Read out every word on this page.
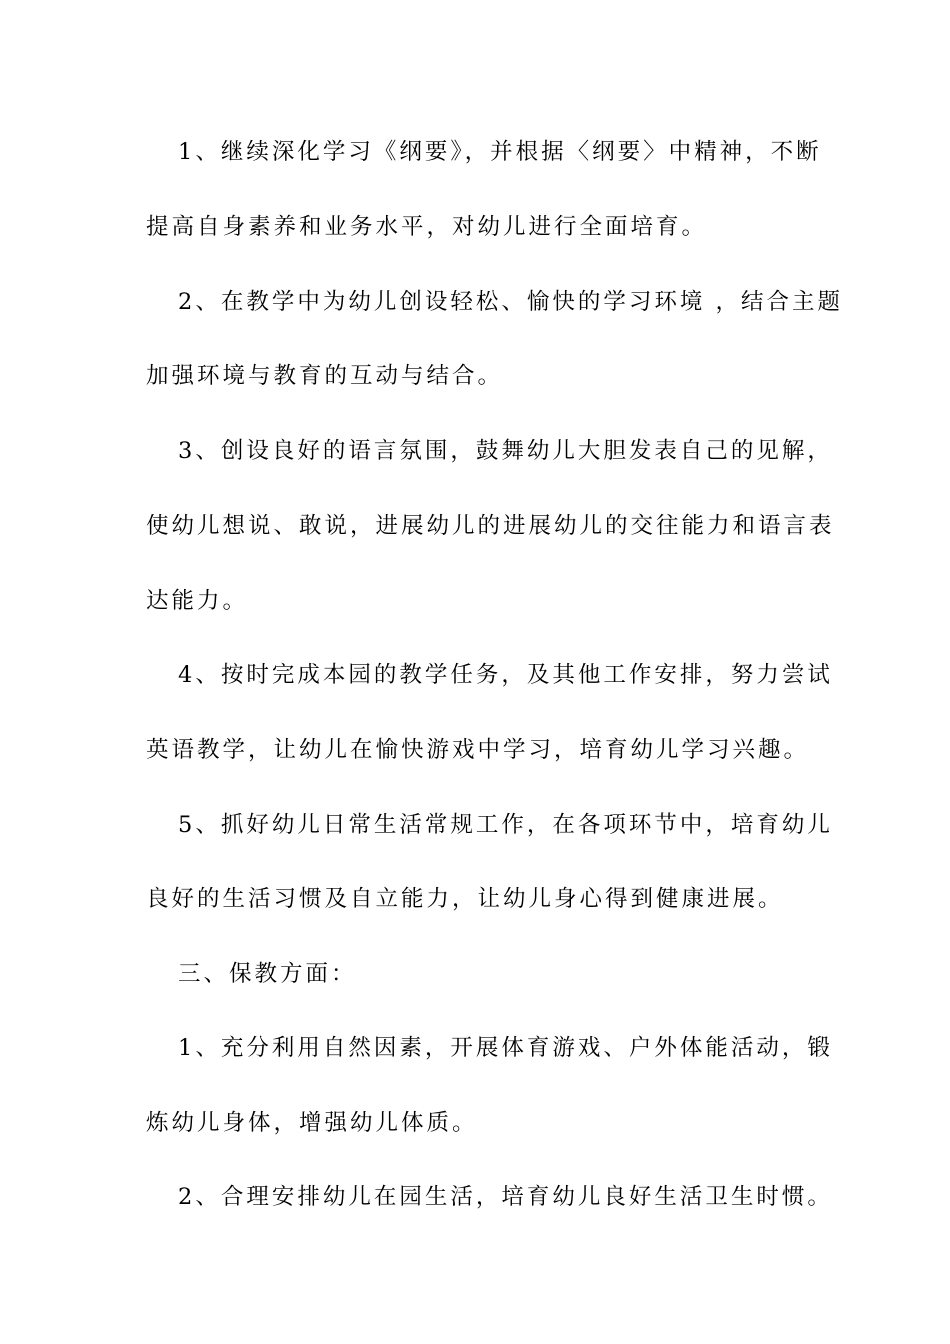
1、继续深化学习《纲要》，并根据〈纲要〉中精神，不断
提高自身素养和业务水平，对幼儿进行全面培育。
2、在教学中为幼儿创设轻松、愉快的学习环境 ，结合主题
加强环境与教育的互动与结合。
3、创设良好的语言氛围，鼓舞幼儿大胆发表自己的见解，
使幼儿想说、敢说，进展幼儿的进展幼儿的交往能力和语言表
达能力。
4、按时完成本园的教学任务，及其他工作安排，努力尝试
英语教学，让幼儿在愉快游戏中学习，培育幼儿学习兴趣。
5、抓好幼儿日常生活常规工作，在各项环节中，培育幼儿
良好的生活习惯及自立能力，让幼儿身心得到健康进展。
三、保教方面：
1、充分利用自然因素，开展体育游戏、户外体能活动，锻
炼幼儿身体，增强幼儿体质。
2、合理安排幼儿在园生活，培育幼儿良好生活卫生时惯。
